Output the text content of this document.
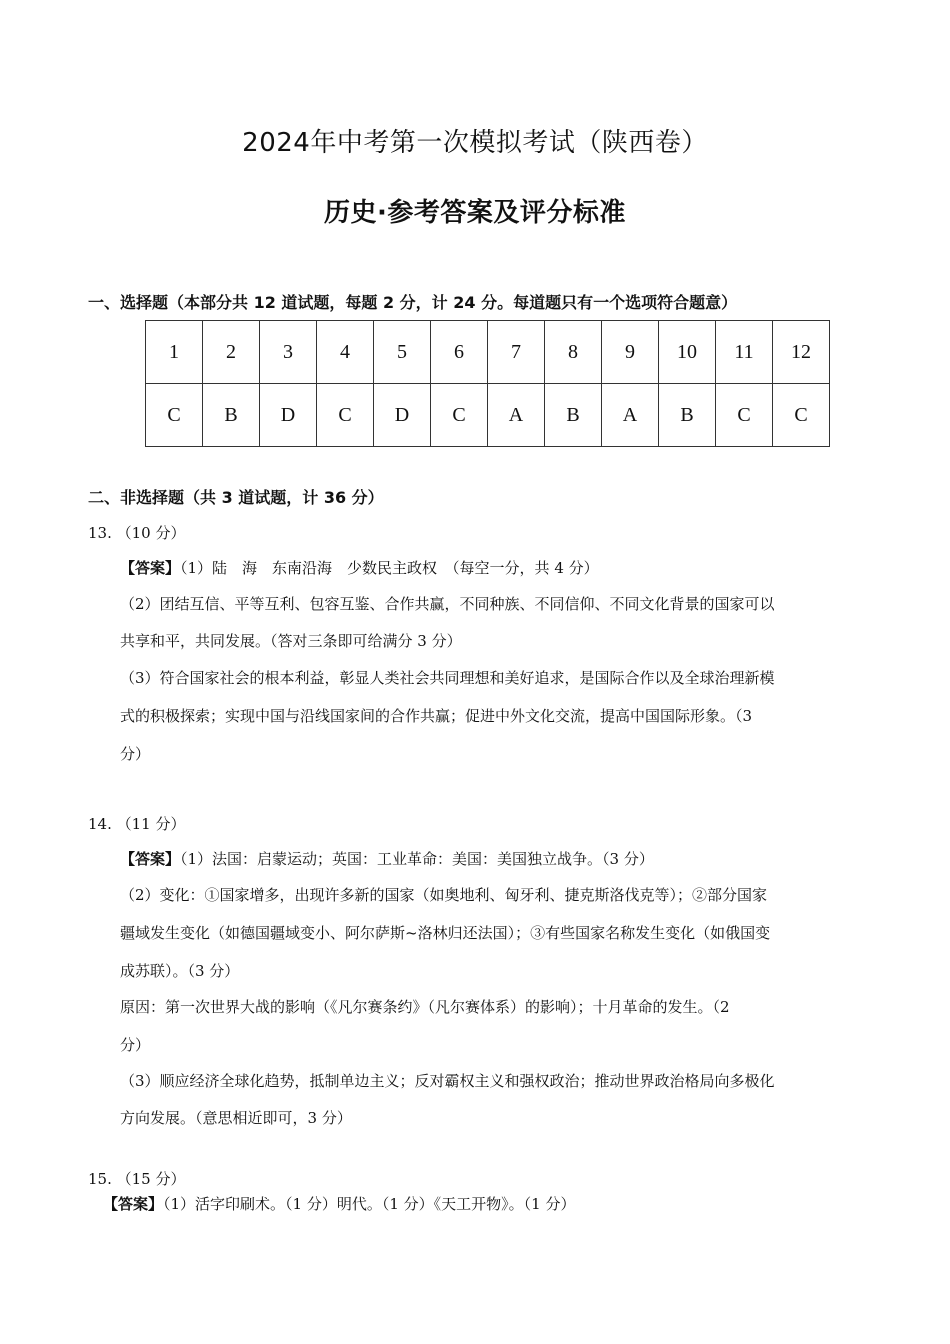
2024年中考第一次模拟考试（陕西卷）
历史·参考答案及评分标准
一、选择题（本部分共 12 道试题，每题 2 分，计 24 分。每道题只有一个选项符合题意）
1	2	3	4	5	6	7	8	9	10	11	12
C	B	D	C	D	C	A	B	A	B	C	C
二、非选择题（共 3 道试题，计 36 分）
13. （10 分）
【答案】（1）陆　海　东南沿海　少数民主政权　（每空一分，共 4 分）
（2）团结互信、平等互利、包容互鉴、合作共赢，不同种族、不同信仰、不同文化背景的国家可以
共享和平，共同发展。（答对三条即可给满分 3 分）
（3）符合国家社会的根本利益，彰显人类社会共同理想和美好追求，是国际合作以及全球治理新模
式的积极探索；实现中国与沿线国家间的合作共赢；促进中外文化交流，提高中国国际形象。（3
分）
14. （11 分）
【答案】（1）法国：启蒙运动；英国：工业革命：美国：美国独立战争。（3 分）
（2）变化：①国家增多，出现许多新的国家（如奥地利、匈牙利、捷克斯洛伐克等）；②部分国家
疆域发生变化（如德国疆域变小、阿尔萨斯~洛林归还法国）；③有些国家名称发生变化（如俄国变
成苏联）。（3 分）
原因：第一次世界大战的影响（《凡尔赛条约》（凡尔赛体系）的影响）；十月革命的发生。（2
分）
（3）顺应经济全球化趋势，抵制单边主义；反对霸权主义和强权政治；推动世界政治格局向多极化
方向发展。（意思相近即可，3 分）
15. （15 分）
【答案】（1）活字印刷术。（1 分）明代。（1 分）《天工开物》。（1 分）
